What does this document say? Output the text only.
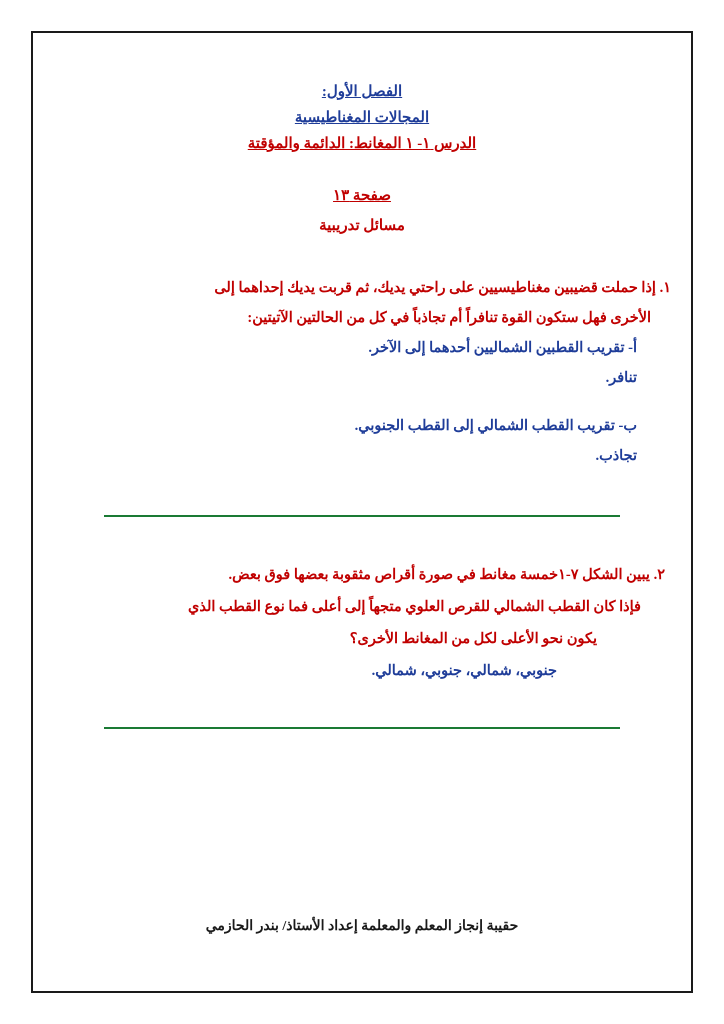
الفصل الأول:
المجالات المغناطيسية
الدرس ١- ١ المغانط: الدائمة والمؤقتة
صفحة ١٣
مسائل تدريبية
١. إذا حملت قضيبين مغناطيسيين على راحتي يديك، ثم قربت يديك إحداهما إلى
الأخرى فهل ستكون القوة تنافراً أم تجاذباً في كل من الحالتين الآتيتين:
أ- تقريب القطبين الشماليين أحدهما إلى الآخر.
تنافر.
ب- تقريب القطب الشمالي إلى القطب الجنوبي.
تجاذب.
٢. يبين الشكل ٧-١خمسة مغانط في صورة أقراص مثقوبة بعضها فوق بعض.
فإذا كان القطب الشمالي للقرص العلوي متجهاً إلى أعلى فما نوع القطب الذي
يكون نحو الأعلى لكل من المغانط الأخرى؟
جنوبي، شمالي، جنوبي، شمالي.
حقيبة إنجاز المعلم والمعلمة إعداد الأستاذ/ بندر الحازمي
